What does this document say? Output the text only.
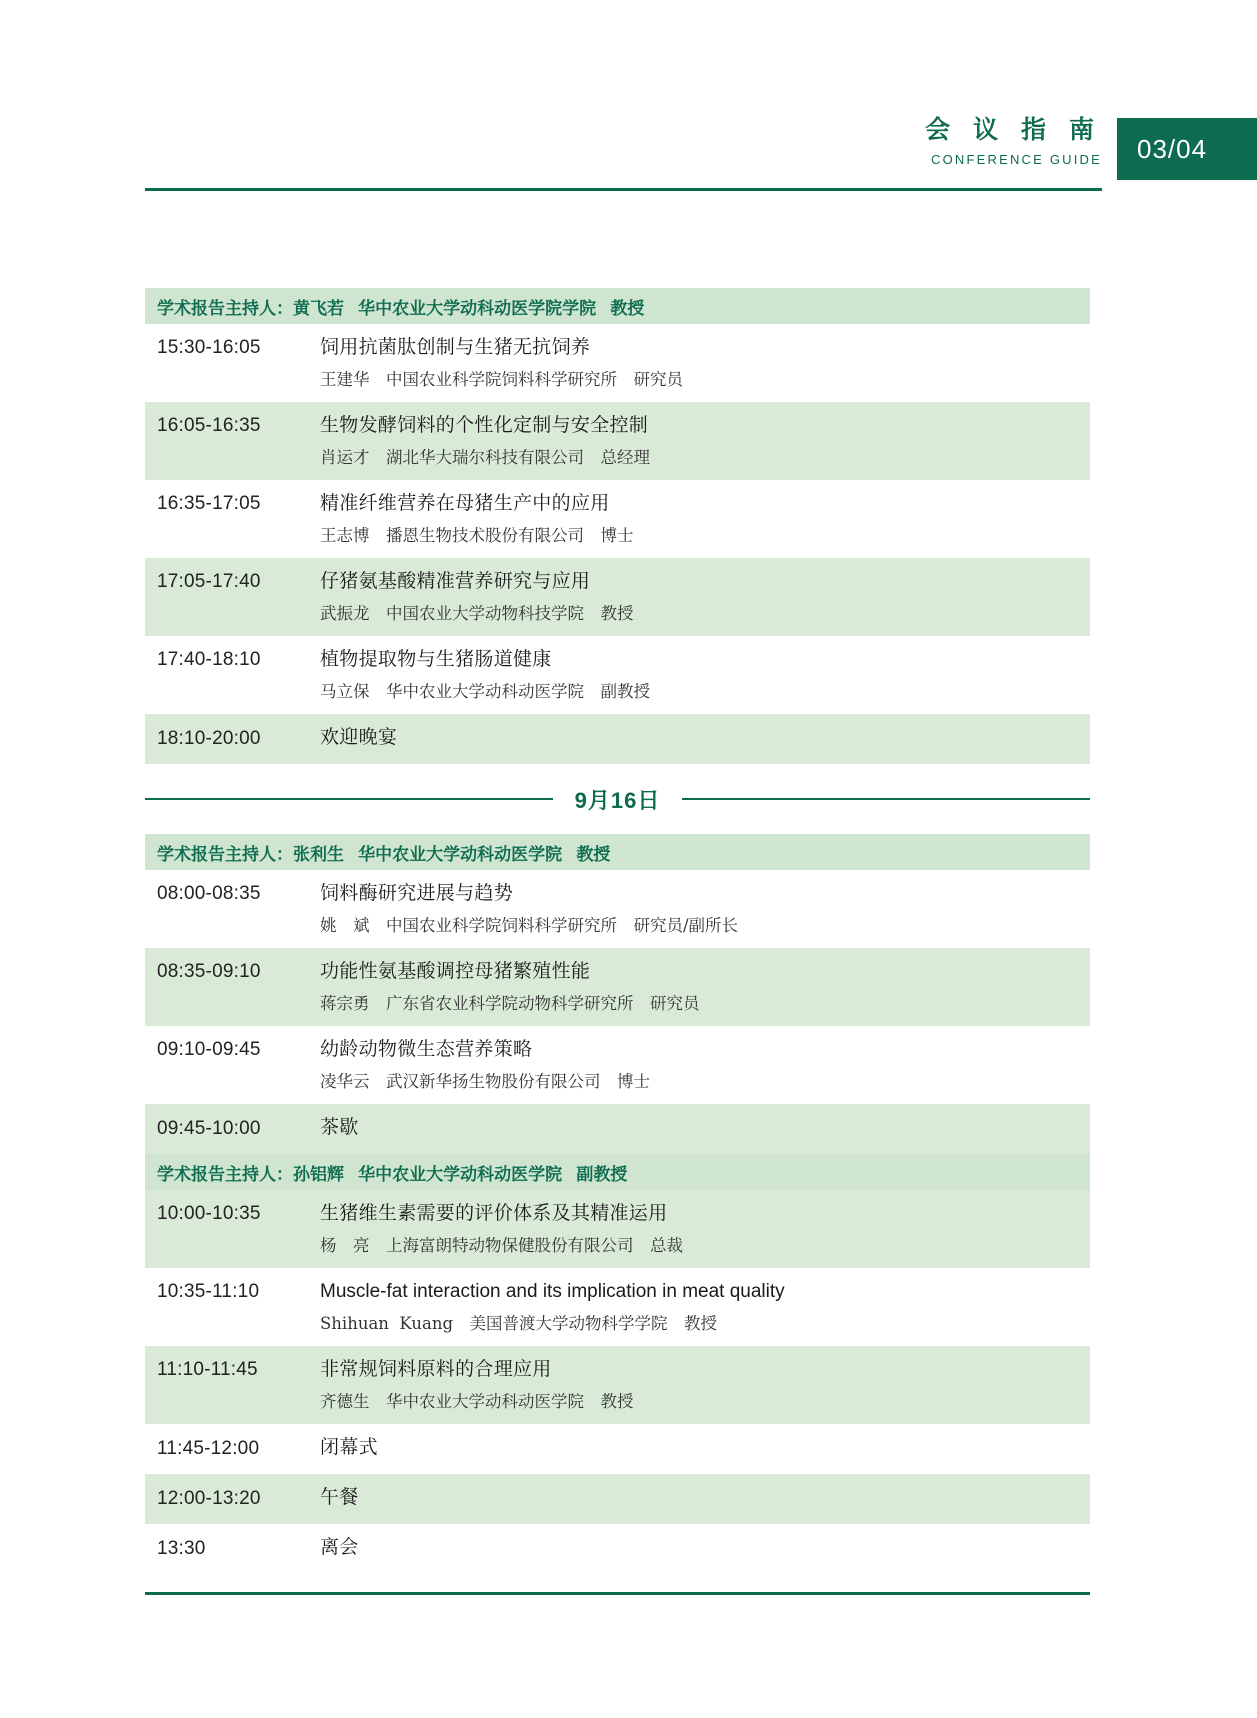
会 议 指 南
CONFERENCE GUIDE	03/04
学术报告主持人： 黄飞若
华中农业大学动科动医学院学院
教授
15:30-16:05	饲用抗菌肽创制与生猪无抗饲养
王建华　中国农业科学院饲料科学研究所　研究员
16:05-16:35	生物发酵饲料的个性化定制与安全控制
肖运才　湖北华大瑞尔科技有限公司　总经理
16:35-17:05	精准纤维营养在母猪生产中的应用
王志博　播恩生物技术股份有限公司　博士
17:05-17:40	仔猪氨基酸精准营养研究与应用
武振龙　中国农业大学动物科技学院　教授
17:40-18:10	植物提取物与生猪肠道健康
马立保　华中农业大学动科动医学院　副教授
18:10-20:00	欢迎晚宴
9月16日
学术报告主持人： 张利生
华中农业大学动科动医学院
教授
08:00-08:35	饲料酶研究进展与趋势
姚　斌　中国农业科学院饲料科学研究所　研究员/副所长
08:35-09:10	功能性氨基酸调控母猪繁殖性能
蒋宗勇　广东省农业科学院动物科学研究所　研究员
09:10-09:45	幼龄动物微生态营养策略
凌华云　武汉新华扬生物股份有限公司　博士
09:45-10:00	茶歇
学术报告主持人： 孙铝辉
华中农业大学动科动医学院
副教授
10:00-10:35	生猪维生素需要的评价体系及其精准运用
杨　亮　上海富朗特动物保健股份有限公司　总裁
10:35-11:10	Muscle-fat interaction and its implication in meat quality
Shihuan  Kuang　美国普渡大学动物科学学院　教授
11:10-11:45	非常规饲料原料的合理应用
齐德生　华中农业大学动科动医学院　教授
11:45-12:00	闭幕式
12:00-13:20	午餐
13:30	离会
